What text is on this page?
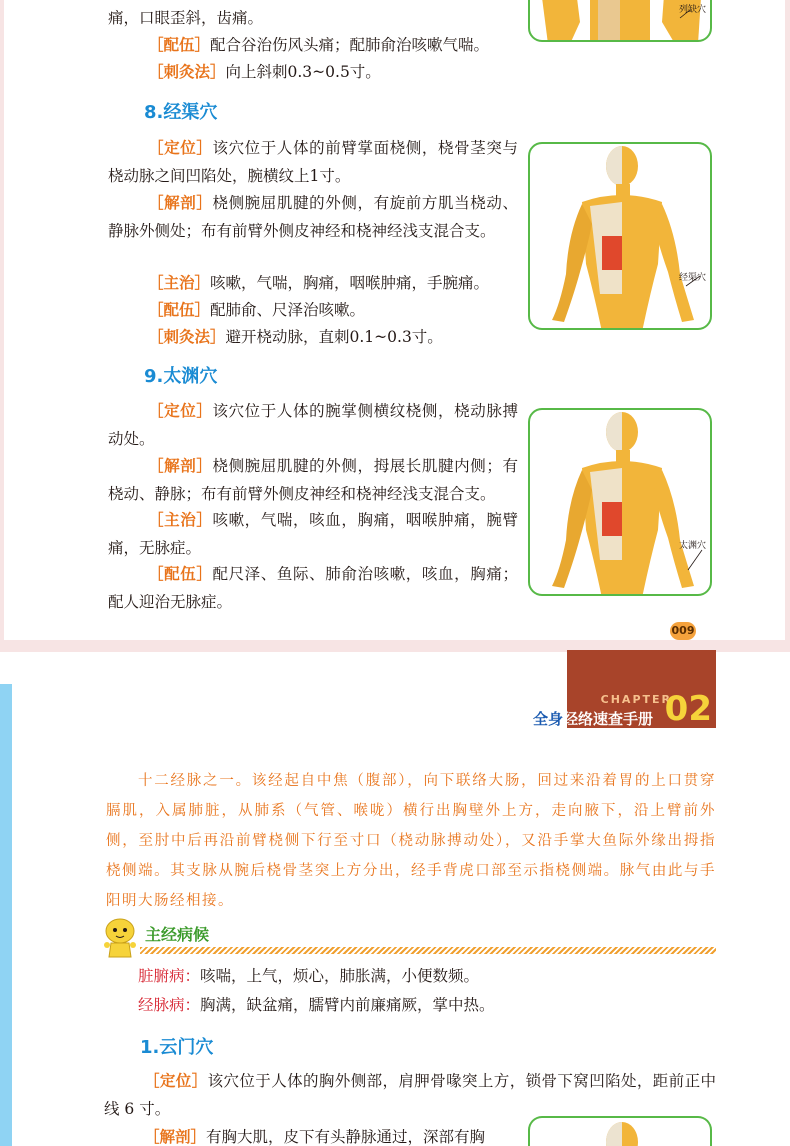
痛，口眼歪斜，齿痛。

［配伍］配合谷治伤风头痛；配肺俞治咳嗽气喘。

［刺灸法］向上斜刺0.3~0.5寸。

列缺穴
8.经渠穴

［定位］该穴位于人体的前臂掌面桡侧，桡骨茎突与桡动脉之间凹陷处，腕横纹上1寸。

［解剖］桡侧腕屈肌腱的外侧，有旋前方肌当桡动、静脉外侧处；布有前臂外侧皮神经和桡神经浅支混合支。

［主治］咳嗽，气喘，胸痛，咽喉肿痛，手腕痛。

［配伍］配肺俞、尺泽治咳嗽。

［刺灸法］避开桡动脉，直刺0.1~0.3寸。

经渠穴
9.太渊穴

［定位］该穴位于人体的腕掌侧横纹桡侧，桡动脉搏动处。

［解剖］桡侧腕屈肌腱的外侧，拇展长肌腱内侧；有桡动、静脉；布有前臂外侧皮神经和桡神经浅支混合支。

［主治］咳嗽，气喘，咳血，胸痛，咽喉肿痛，腕臂痛，无脉症。

［配伍］配尺泽、鱼际、肺俞治咳嗽，咳血，胸痛；配人迎治无脉症。

太渊穴
009
CHAPTER
02
全身经络速查手册

十二经脉之一。该经起自中焦（腹部），向下联络大肠，回过来沿着胃的上口贯穿膈肌，入属肺脏，从肺系（气管、喉咙）横行出胸壁外上方，走向腋下，沿上臂前外侧，至肘中后再沿前臂桡侧下行至寸口（桡动脉搏动处），又沿手掌大鱼际外缘出拇指桡侧端。其支脉从腕后桡骨茎突上方分出，经手背虎口部至示指桡侧端。脉气由此与手阳明大肠经相接。

主经病候

脏腑病：咳喘，上气，烦心，肺胀满，小便数频。

经脉病：胸满，缺盆痛，臑臂内前廉痛厥，掌中热。

1.云门穴

［定位］该穴位于人体的胸外侧部，肩胛骨喙突上方，锁骨下窝凹陷处，距前正中线 6 寸。

［解剖］有胸大肌，皮下有头静脉通过，深部有胸
